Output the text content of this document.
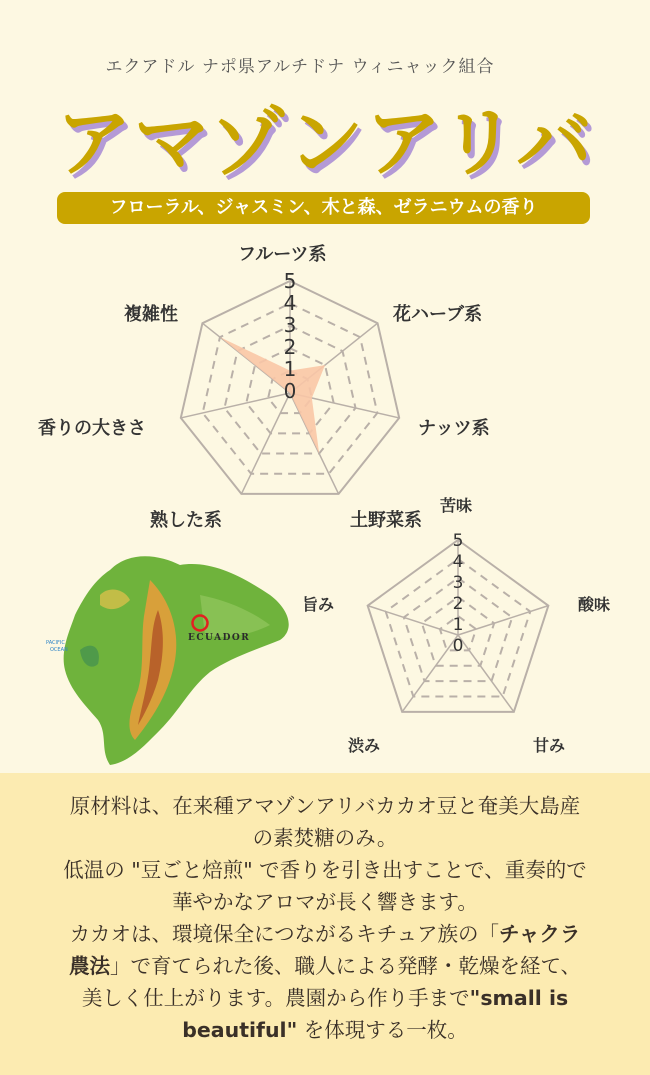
エクアドル ナポ県アルチドナ ウィニャック組合
アマゾンアリバ
フローラル、ジャスミン、木と森、ゼラニウムの香り
5
4
3
2
1
0
5
4
3
2
1
0
フルーツ系
花ハーブ系
ナッツ系
土野菜系
熟した系
香りの大きさ
複雑性
苦味
酸味
甘み
渋み
旨み
ECUADOR
PACIFIC
OCEAN

原材料は、在来種アマゾンアリバカカオ豆と奄美大島産の素焚糖のみ。

低温の "豆ごと焙煎" で香りを引き出すことで、重奏的で華やかなアロマが長く響きます。

カカオは、環境保全につながるキチュア族の「チャクラ農法」で育てられた後、職人による発酵・乾燥を経て、美しく仕上がります。農園から作り手まで"small is beautiful" を体現する一枚。
